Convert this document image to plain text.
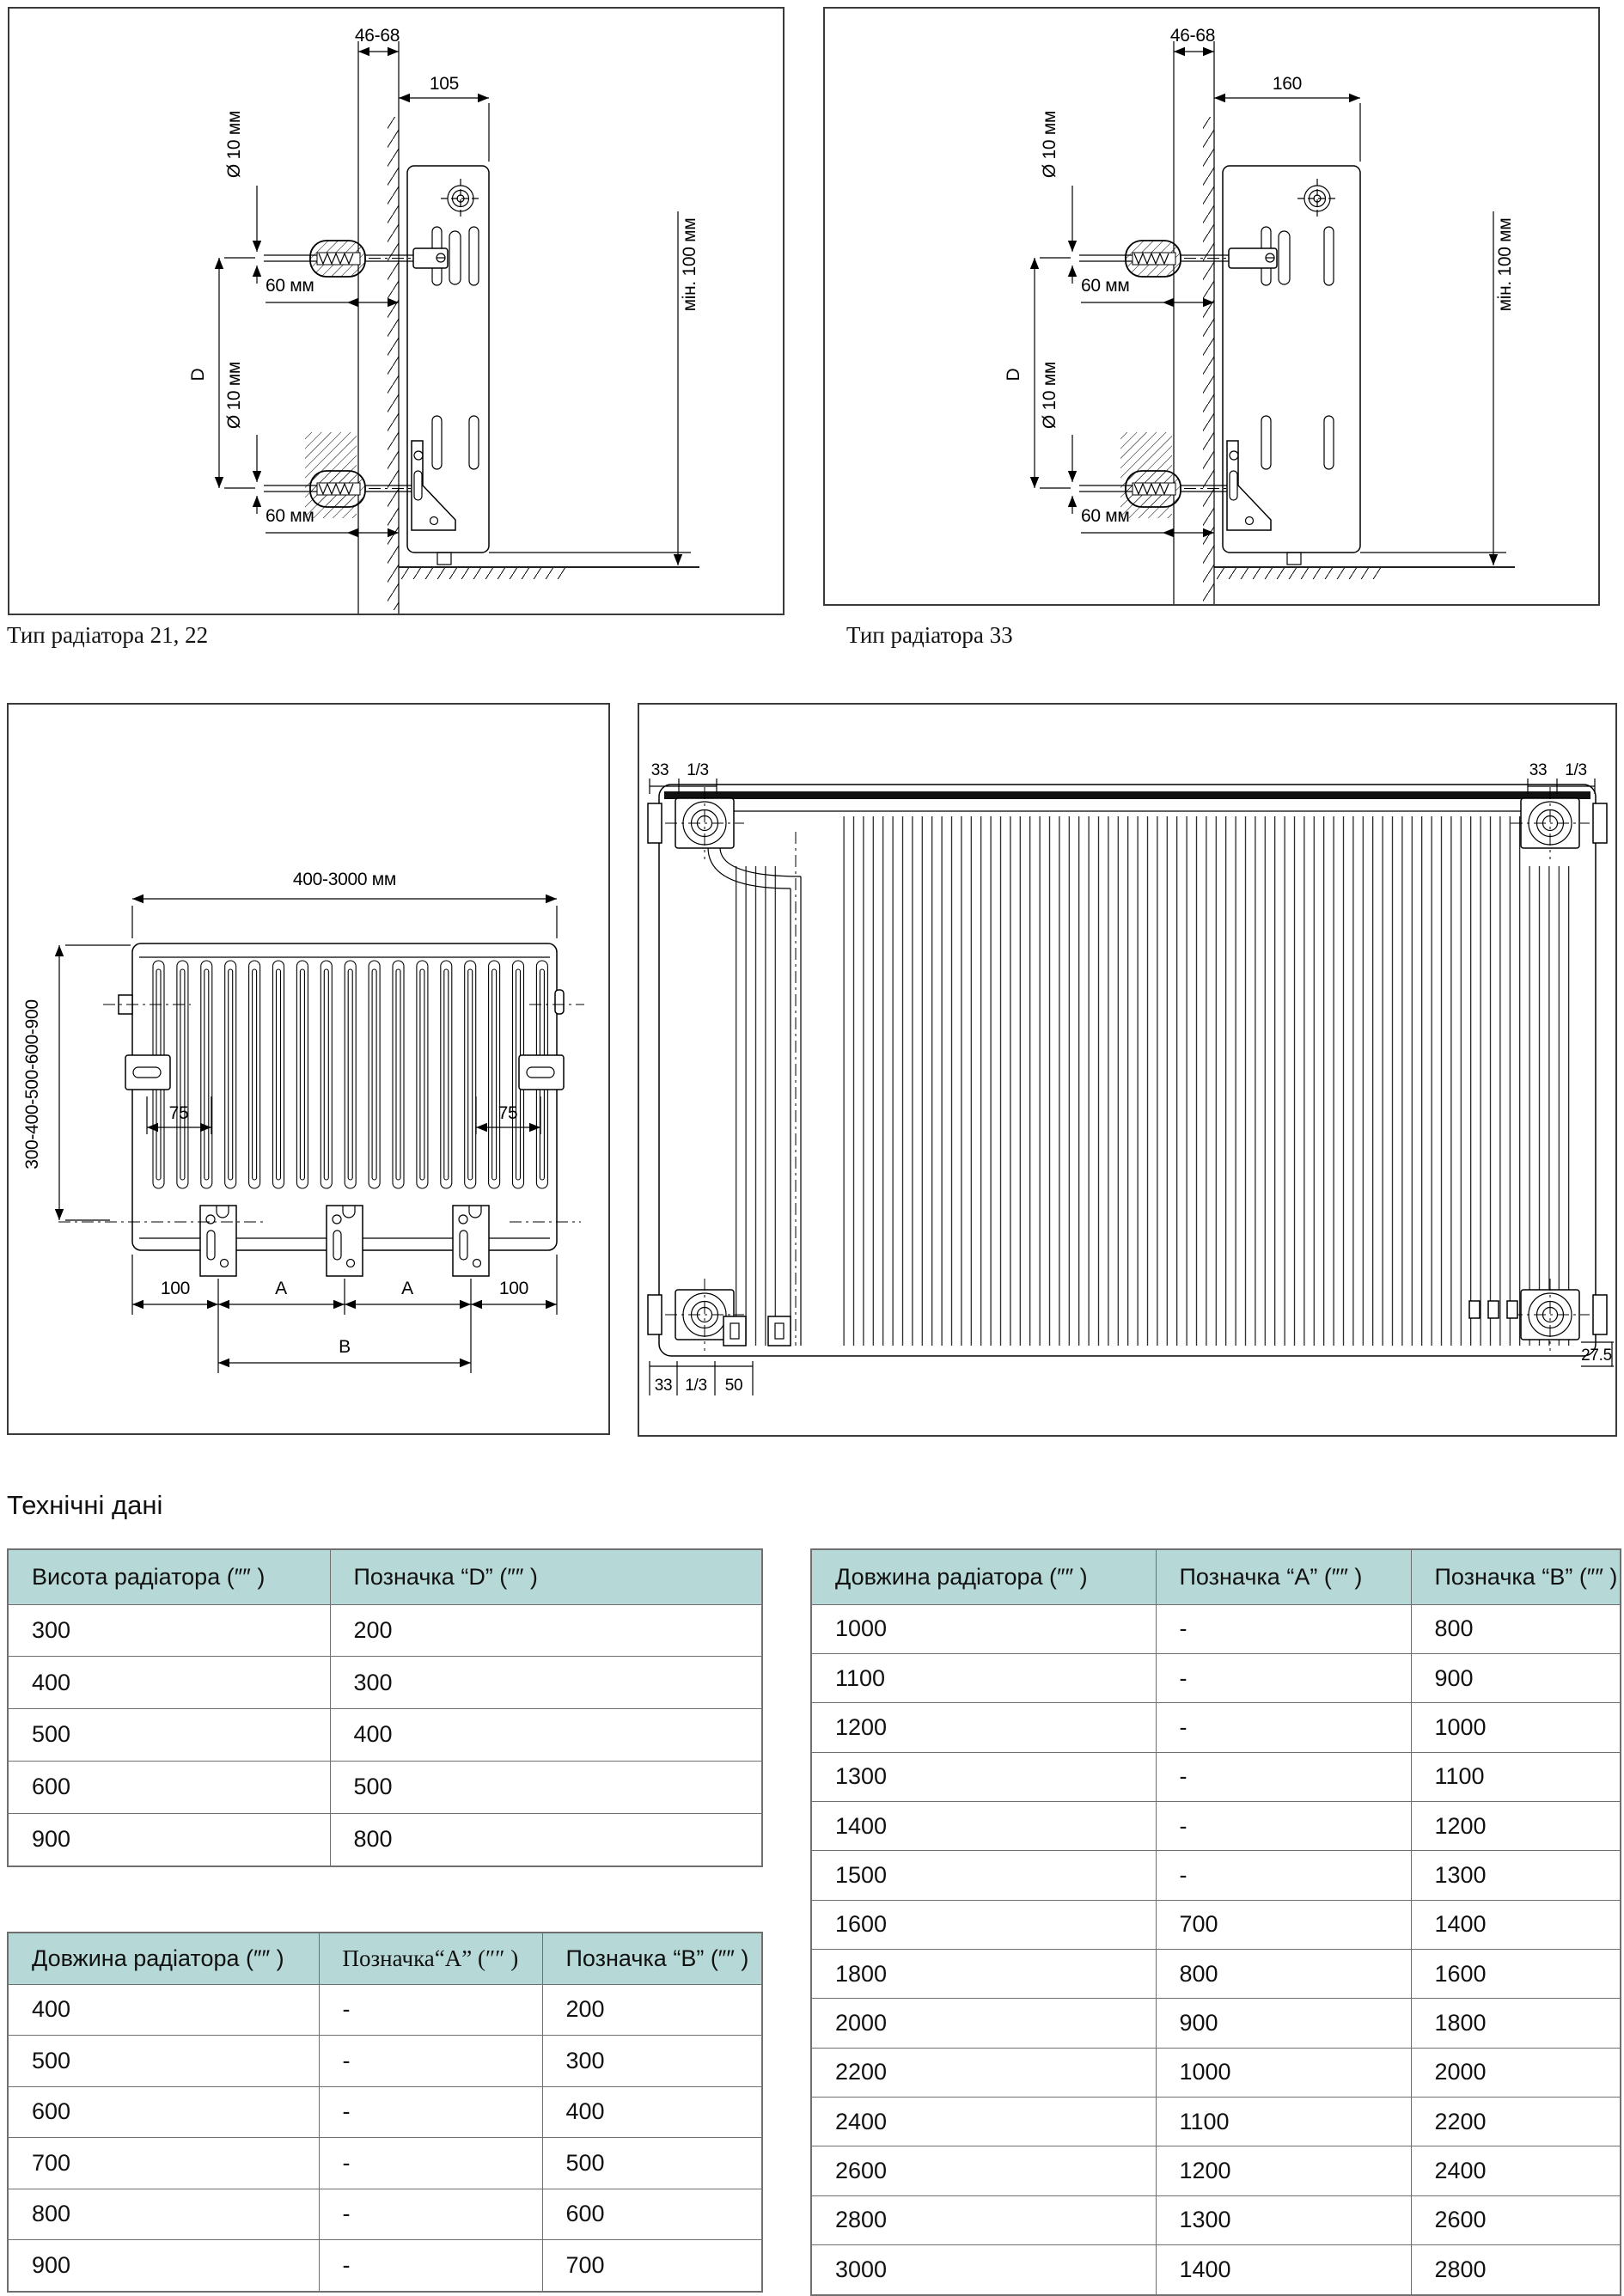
46-68
105
Ø 10 мм
60 мм
D Ø 10 мм
60 мм
мін. 100 мм
46-68
160
Ø 10 мм
60 мм
D Ø 10 мм
60 мм
мін. 100 мм
Тип радіатора 21, 22	Тип радіатора 33
400-3000 мм
75	75
300-400-500-600-900
100	A	A	100
B
33 1/3	33 1/3
33 1/3 50
27.5
Технічні дані
Висота радіатора (″″ )	Позначка “D” (″″ )
300	200
400	300
500	400
600	500
900	800
Довжина радіатора (″″ )	Позначка“А” (″″ )	Позначка “В” (″″ )
400	-	200
500	-	300
600	-	400
700	-	500
800	-	600
900	-	700
Довжина радіатора (″″ )	Позначка “А” (″″ )	Позначка “В” (″″ )
1000	-	800
1100	-	900
1200	-	1000
1300	-	1100
1400	-	1200
1500	-	1300
1600	700	1400
1800	800	1600
2000	900	1800
2200	1000	2000
2400	1100	2200
2600	1200	2400
2800	1300	2600
3000	1400	2800
